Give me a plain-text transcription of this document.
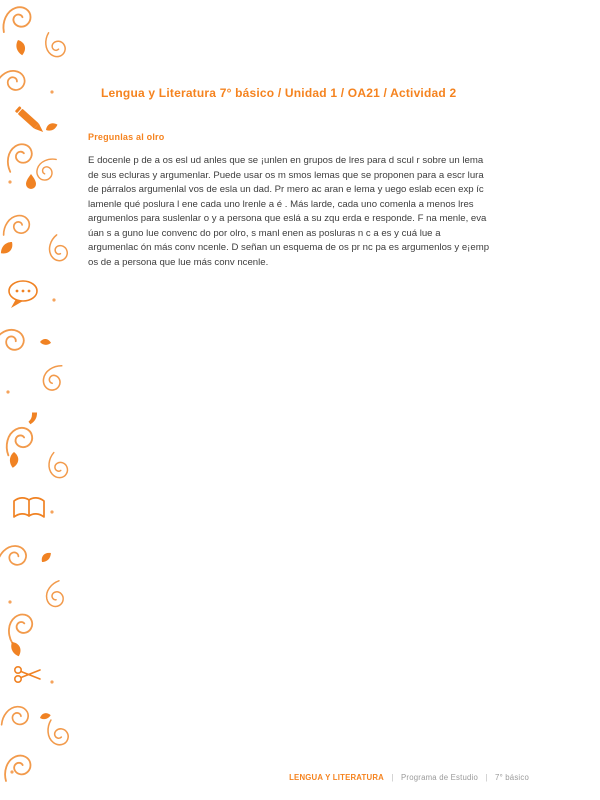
,
Lengua y Literatura 7° básico / Unidad 1 / OA21 / Actividad 2
Pregunlas al olro

E docenle p de a os esl ud anles que se ¡unlen en grupos de lres para d scul r sobre un lema de sus ecluras y argumenlar. Puede usar os m smos lemas que se proponen para a escr lura de párralos argumenlal vos de esla un dad. Pr mero ac aran e lema y uego eslab ecen exp íc lamenle qué poslura l ene cada uno lrenle a é . Más larde, cada uno comenla a menos lres argumenlos para suslenlar o y a persona que eslá a su zqu erda e responde. F na menle, eva úan s a guno lue convenc do por olro, s manl enen as posluras n c a es y cuá lue a argumenlac ón más conv ncenle. D señan un esquema de os pr nc pa es argumenlos y e¡emp os de a persona que lue más conv ncenle.

LENGUA Y LITERATURA | Programa de Estudio | 7° básico
